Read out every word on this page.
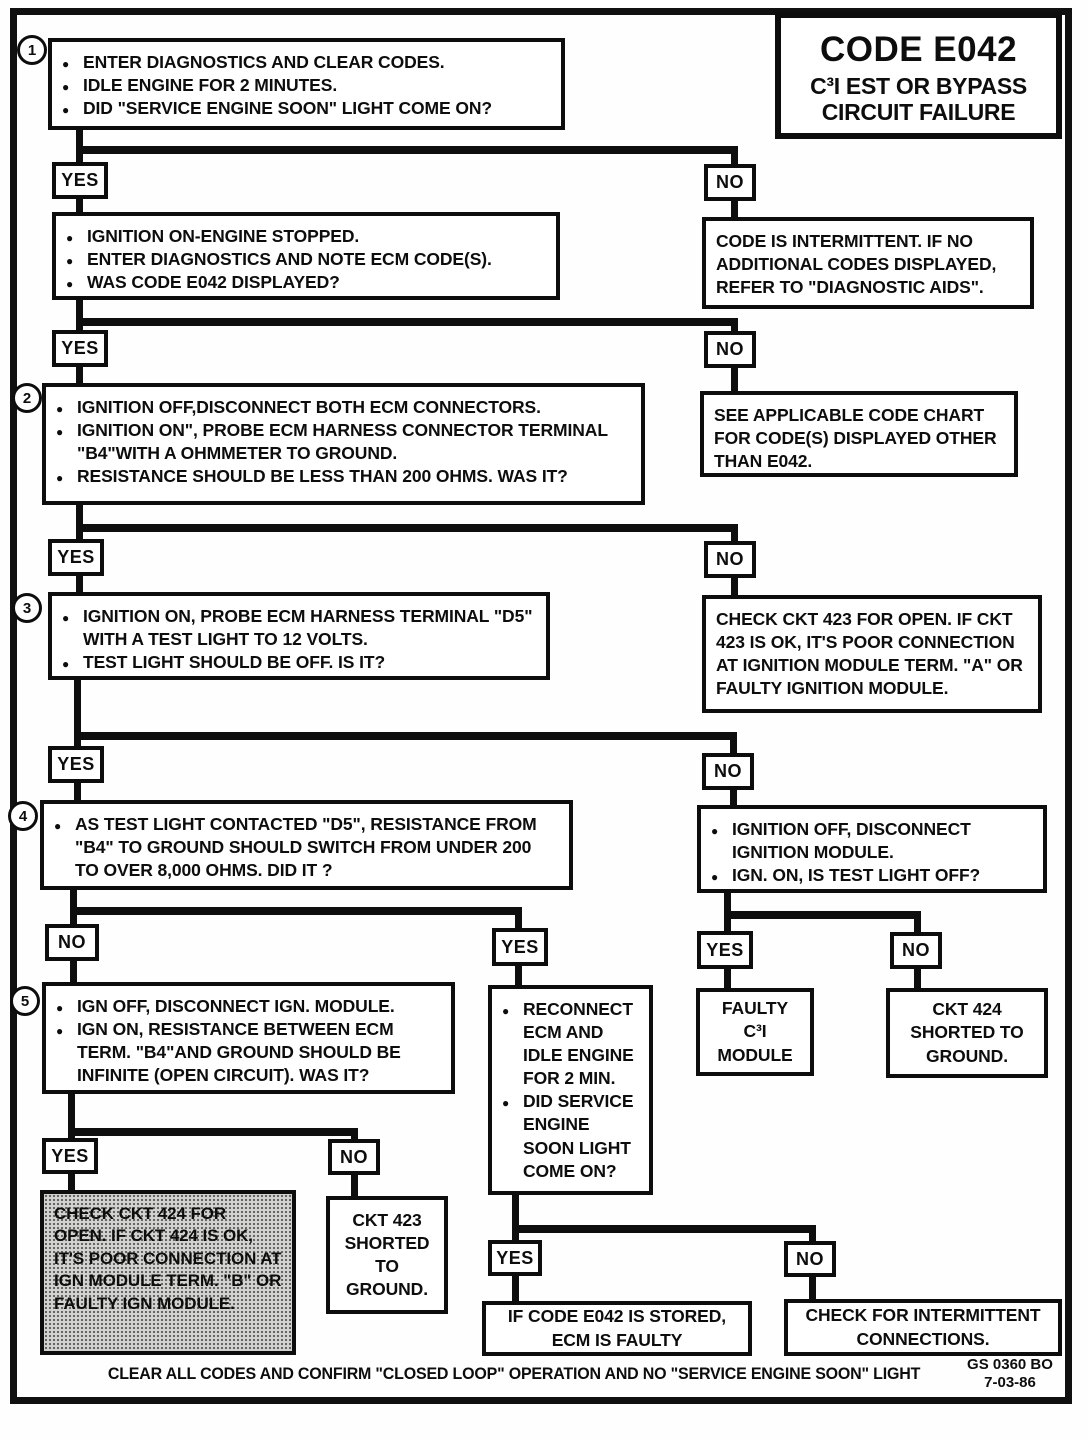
CODE E042
C³I EST OR BYPASS CIRCUIT FAILURE
1
2
3
4
5
YES	NO
YES	NO
YES	NO
YES	NO
NO	YES	YES	NO
YES	NO
YES	NO
●
ENTER DIAGNOSTICS AND CLEAR CODES.
●
IDLE ENGINE FOR 2 MINUTES.
●
DID "SERVICE ENGINE SOON" LIGHT COME ON?
●
IGNITION ON-ENGINE STOPPED.
●
ENTER DIAGNOSTICS AND NOTE ECM CODE(S).
●
WAS CODE E042 DISPLAYED?
CODE IS INTERMITTENT. IF NO ADDITIONAL CODES DISPLAYED, REFER TO "DIAGNOSTIC AIDS".
●
IGNITION OFF,DISCONNECT BOTH ECM CONNECTORS.
●
IGNITION ON", PROBE ECM HARNESS CONNECTOR TERMINAL "B4"WITH A OHMMETER TO GROUND.
●
RESISTANCE SHOULD BE LESS THAN 200 OHMS. WAS IT?
SEE APPLICABLE CODE CHART FOR CODE(S) DISPLAYED OTHER THAN E042.
●
IGNITION ON, PROBE ECM HARNESS TERMINAL "D5" WITH A TEST LIGHT TO 12 VOLTS.
●
TEST LIGHT SHOULD BE OFF. IS IT?
CHECK CKT 423 FOR OPEN. IF CKT 423 IS OK, IT'S POOR CONNECTION AT IGNITION MODULE TERM. "A" OR FAULTY IGNITION MODULE.
●
AS TEST LIGHT CONTACTED "D5", RESISTANCE FROM "B4" TO GROUND SHOULD SWITCH FROM UNDER 200 TO OVER 8,000 OHMS. DID IT ?
●
IGNITION OFF, DISCONNECT IGNITION MODULE.
●
IGN. ON, IS TEST LIGHT OFF?
●
IGN OFF, DISCONNECT IGN. MODULE.
●
IGN ON, RESISTANCE BETWEEN ECM TERM. "B4"AND GROUND SHOULD BE INFINITE (OPEN CIRCUIT). WAS IT?
●
RECONNECT ECM AND IDLE ENGINE FOR 2 MIN.
●
DID SERVICE ENGINE SOON LIGHT COME ON?
FAULTY
C³I
MODULE
CKT 424 SHORTED TO GROUND.
CHECK CKT 424 FOR OPEN. IF CKT 424 IS OK, IT'S POOR CONNECTION AT IGN MODULE TERM. "B" OR FAULTY IGN MODULE.
CKT 423 SHORTED TO GROUND.
IF CODE E042 IS STORED,
ECM IS FAULTY
CHECK FOR INTERMITTENT
CONNECTIONS.
CLEAR ALL CODES AND CONFIRM "CLOSED LOOP" OPERATION AND NO "SERVICE ENGINE SOON" LIGHT
GS 0360 BO
7-03-86
